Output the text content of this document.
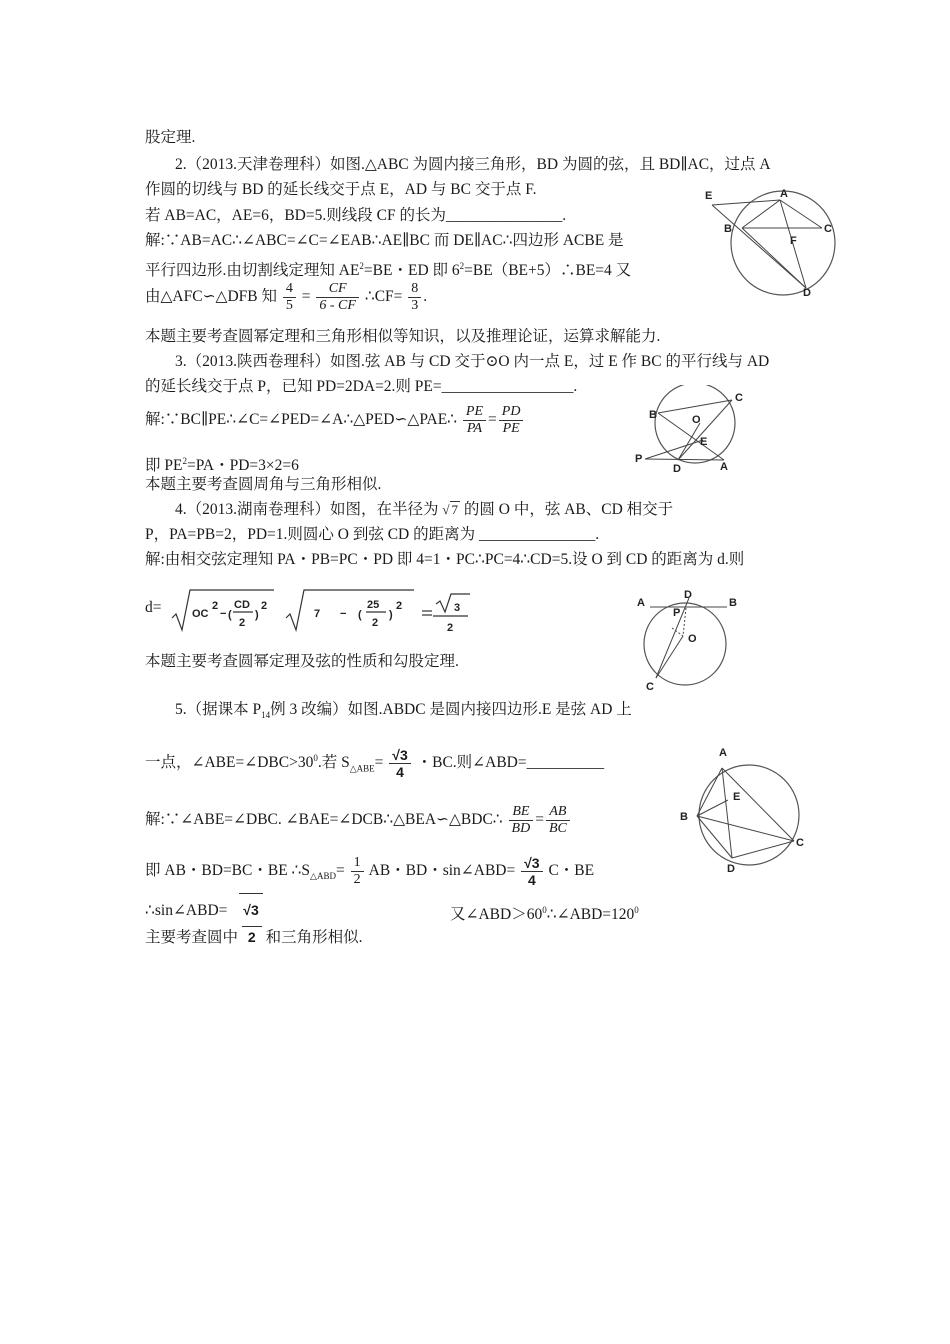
股定理.
2.（2013.天津卷理科）如图.△ABC 为圆内接三角形，BD 为圆的弦，且 BD∥AC，过点 A
作圆的切线与 BD 的延长线交于点 E，AD 与 BC 交于点 F.
若 AB=AC，AE=6，BD=5.则线段 CF 的长为_______________.
解:∵AB=AC∴∠ABC=∠C=∠EAB∴AE∥BC 而 DE∥AC∴四边形 ACBE 是
平行四边形.由切割线定理知 $AE^2=BE$・ED 即 $6^2=BE(BE+5)\therefore BE=4$ 又
由△AFC∽△DFB 知 $\frac{4}{5} = \frac{CF}{6 - CF}$ ∴CF= $\frac{8}{3}$ .
本题主要考查圆幂定理和三角形相似等知识，以及推理论证，运算求解能力.
E	A
B
F
C
D
3.（2013.陕西卷理科）如图.弦 AB 与 CD 交于⊙O 内一点 E，过 E 作 BC 的平行线与 AD
的延长线交于点 P，已知 PD=2DA=2.则 PE=_________________.
解:∵BC∥PE∴∠C=∠PED=∠A∴△PED∽△PAE∴ $\frac{PE}{PA} = \frac{PD}{PE}$
即 $PE^2=PA$・PD=3×2=6
本题主要考查圆周角与三角形相似.
B
C
O
E
P
D	A
4.（2013.湖南卷理科）如图，在半径为 √ 7 的圆 O 中，弦 AB、CD 相交于
P，PA=PB=2，PD=1.则圆心 O 到弦 CD 的距离为 _______________.
解:由相交弦定理知 PA・PB=PC・PD 即 4=1・PC∴PC=4∴CD=5.设 O 到 CD 的距离为 d.则
d=	OC
2
− (
CD
2
)
2
7 − (
25
2
)
2	3
2
本题主要考查圆幂定理及弦的性质和勾股定理.
A
P
B
O
D
C
5.（据课本 $P_{14}$例 3 改编）如图.ABDC 是圆内接四边形.E 是弦 AD 上
一点，$\angle ABE=\angle DBC>30^0$.若 $S_{\triangle ABE}= \frac{√3}{4}$ ・BC.则∠ABD=__________
解:∵∠ABE=∠DBC. ∠BAE=∠DCB∴△BEA∽△BDC∴ $\frac{BE}{BD} = \frac{AB}{BC}$
即 AB・BD=BC・BE $\therefore S_{\triangle ABD}= \frac{1}{2}$ AB・BD・sin∠ABD= $\frac{√3}{4}$ C・BE
∴sin∠ABD= √3	又$\angle ABD>60^0\therefore\angle ABD=120^0$
主要考查圆中 2 和三角形相似.
A
E
B
C
D
